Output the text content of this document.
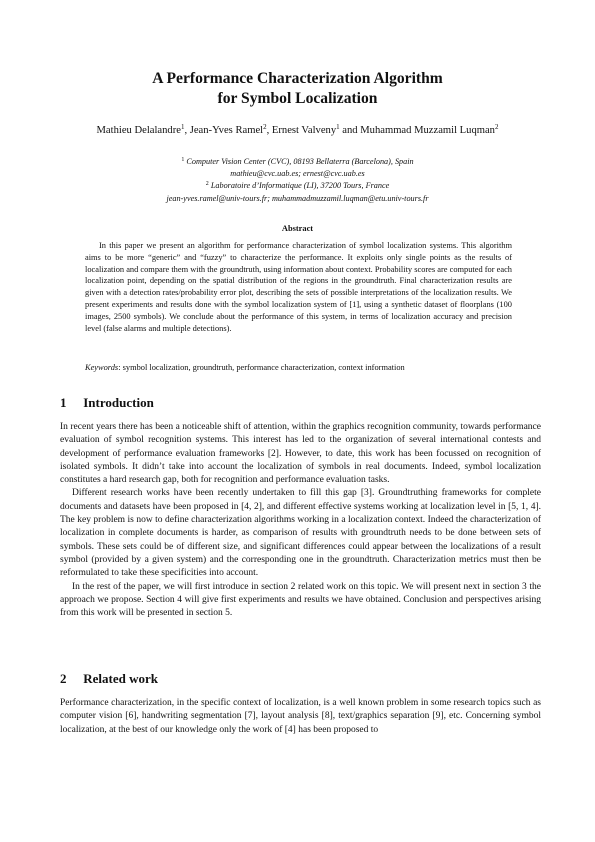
A Performance Characterization Algorithm
for Symbol Localization
Mathieu Delalandre$^1$, Jean-Yves Ramel$^2$, Ernest Valveny$^1$ and Muhammad Muzzamil Luqman$^2$
$^1$ Computer Vision Center (CVC), 08193 Bellaterra (Barcelona), Spain
mathieu@cvc.uab.es; ernest@cvc.uab.es
$^2$ Laboratoire d’Informatique (LI), 37200 Tours, France
jean-yves.ramel@univ-tours.fr; muhammadmuzzamil.luqman@etu.univ-tours.fr
Abstract

In this paper we present an algorithm for performance characterization of symbol localization systems. This algorithm aims to be more “generic” and “fuzzy” to characterize the performance. It exploits only single points as the results of localization and compare them with the groundtruth, using information about context. Probability scores are computed for each localization point, depending on the spatial distribution of the regions in the groundtruth. Final characterization results are given with a detection rates/probability error plot, describing the sets of possible interpretations of the localization results. We present experiments and results done with the symbol localization system of [1], using a synthetic dataset of floorplans (100 images, 2500 symbols). We conclude about the performance of this system, in terms of localization accuracy and precision level (false alarms and multiple detections).

Keywords: symbol localization, groundtruth, performance characterization, context information

1 Introduction

In recent years there has been a noticeable shift of attention, within the graphics recognition community, towards performance evaluation of symbol recognition systems. This interest has led to the organization of several international contests and development of performance evaluation frameworks [2]. However, to date, this work has been focussed on recognition of isolated symbols. It didn’t take into account the localization of symbols in real documents. Indeed, symbol localization constitutes a hard research gap, both for recognition and performance evaluation tasks.

Different research works have been recently undertaken to fill this gap [3]. Groundtruthing frameworks for complete documents and datasets have been proposed in [4, 2], and different effective systems working at localization level in [5, 1, 4]. The key problem is now to define characterization algorithms working in a localization context. Indeed the characterization of localization in complete documents is harder, as comparison of results with groundtruth needs to be done between sets of symbols. These sets could be of different size, and significant differences could appear between the localizations of a result symbol (provided by a given system) and the corresponding one in the groundtruth. Characterization metrics must then be reformulated to take these specificities into account.

In the rest of the paper, we will first introduce in section 2 related work on this topic. We will present next in section 3 the approach we propose. Section 4 will give first experiments and results we have obtained. Conclusion and perspectives arising from this work will be presented in section 5.

2 Related work

Performance characterization, in the specific context of localization, is a well known problem in some research topics such as computer vision [6], handwriting segmentation [7], layout analysis [8], text/graphics separation [9], etc. Concerning symbol localization, at the best of our knowledge only the work of [4] has been proposed to
